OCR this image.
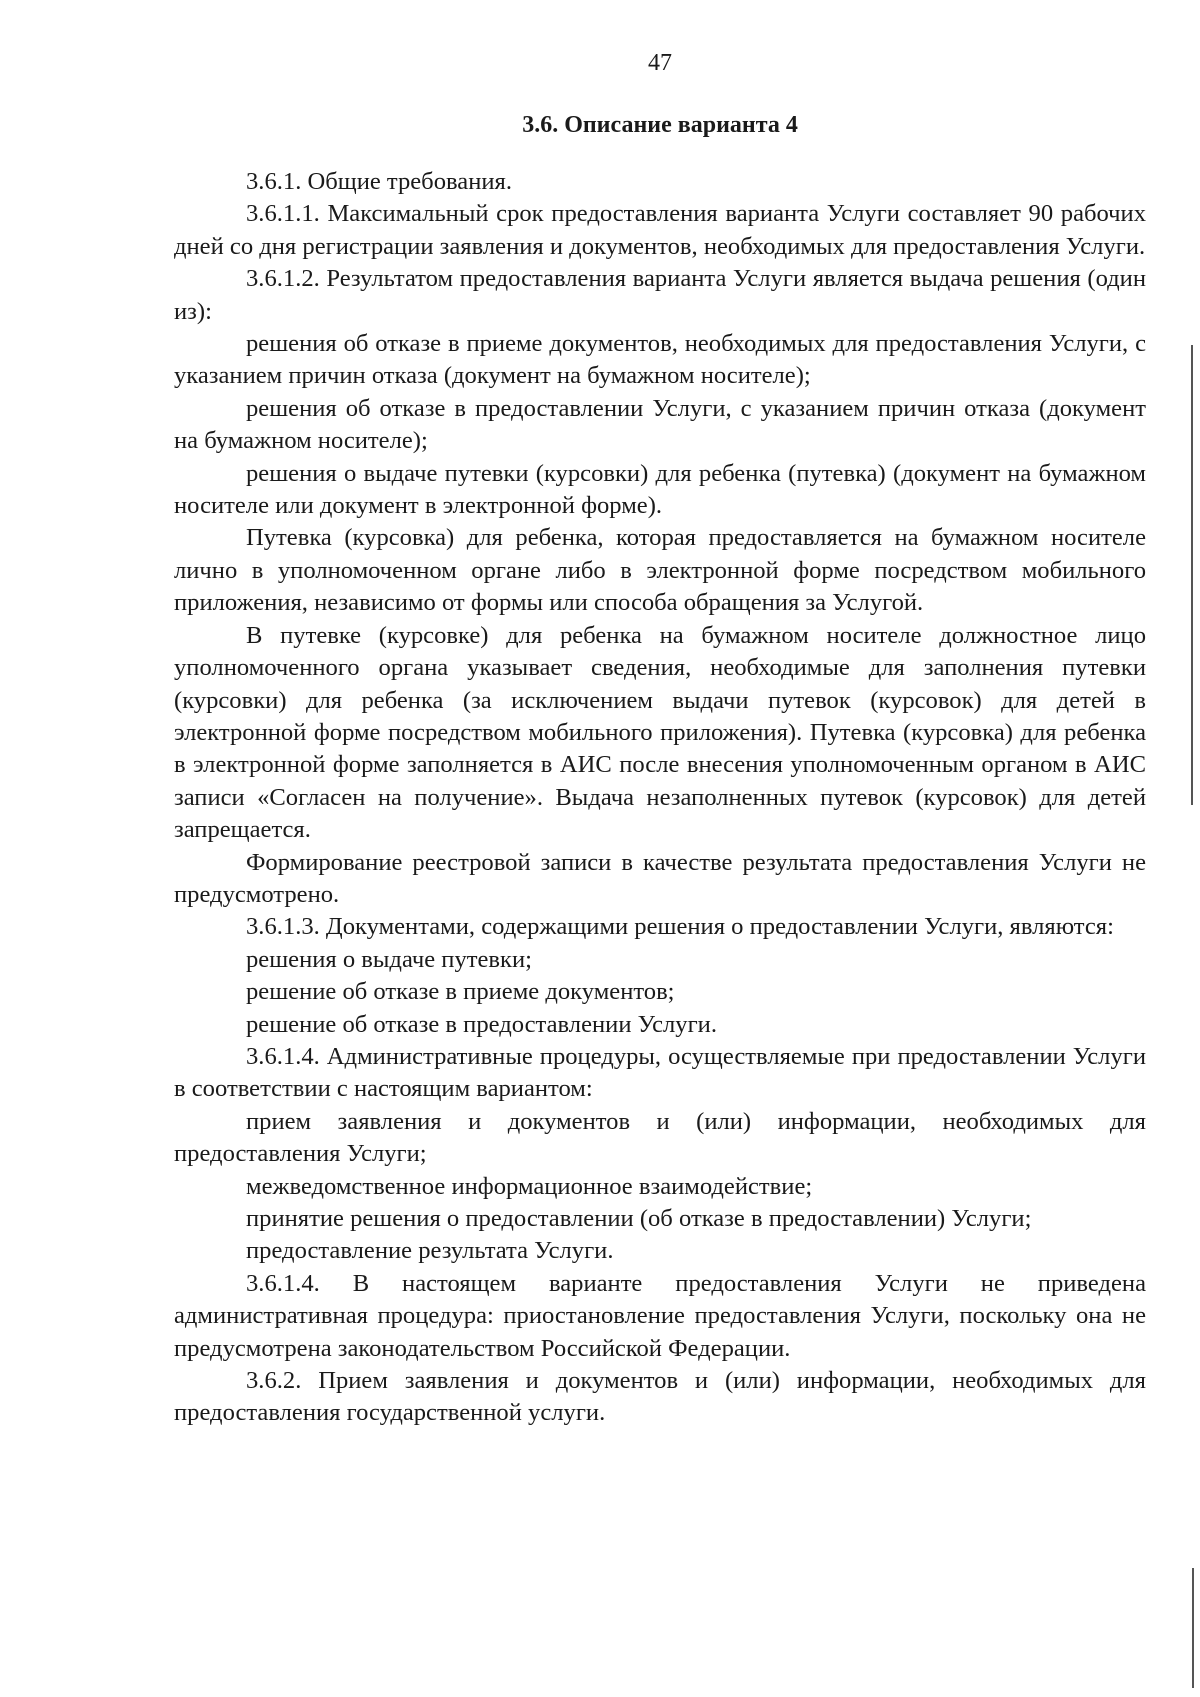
47
3.6. Описание варианта 4

3.6.1. Общие требования.

3.6.1.1. Максимальный срок предоставления варианта Услуги составляет 90 рабочих дней со дня регистрации заявления и документов, необходимых для предоставления Услуги.

3.6.1.2. Результатом предоставления варианта Услуги является выдача решения (один из):

решения об отказе в приеме документов, необходимых для предоставления Услуги, с указанием причин отказа (документ на бумажном носителе);

решения об отказе в предоставлении Услуги, с указанием причин отказа (документ на бумажном носителе);

решения о выдаче путевки (курсовки) для ребенка (путевка) (документ на бумажном носителе или документ в электронной форме).

Путевка (курсовка) для ребенка, которая предоставляется на бумажном носителе лично в уполномоченном органе либо в электронной форме посредством мобильного приложения, независимо от формы или способа обращения за Услугой.

В путевке (курсовке) для ребенка на бумажном носителе должностное лицо уполномоченного органа указывает сведения, необходимые для заполнения путевки (курсовки) для ребенка (за исключением выдачи путевок (курсовок) для детей в электронной форме посредством мобильного приложения). Путевка (курсовка) для ребенка в электронной форме заполняется в АИС после внесения уполномоченным органом в АИС записи «Согласен на получение». Выдача незаполненных путевок (курсовок) для детей запрещается.

Формирование реестровой записи в качестве результата предоставления Услуги не предусмотрено.

3.6.1.3. Документами, содержащими решения о предоставлении Услуги, являются:

решения о выдаче путевки;

решение об отказе в приеме документов;

решение об отказе в предоставлении Услуги.

3.6.1.4. Административные процедуры, осуществляемые при предоставлении Услуги в соответствии с настоящим вариантом:

прием заявления и документов и (или) информации, необходимых для предоставления Услуги;

межведомственное информационное взаимодействие;

принятие решения о предоставлении (об отказе в предоставлении) Услуги;

предоставление результата Услуги.

3.6.1.4. В настоящем варианте предоставления Услуги не приведена административная процедура: приостановление предоставления Услуги, поскольку она не предусмотрена законодательством Российской Федерации.

3.6.2. Прием заявления и документов и (или) информации, необходимых для предоставления государственной услуги.
